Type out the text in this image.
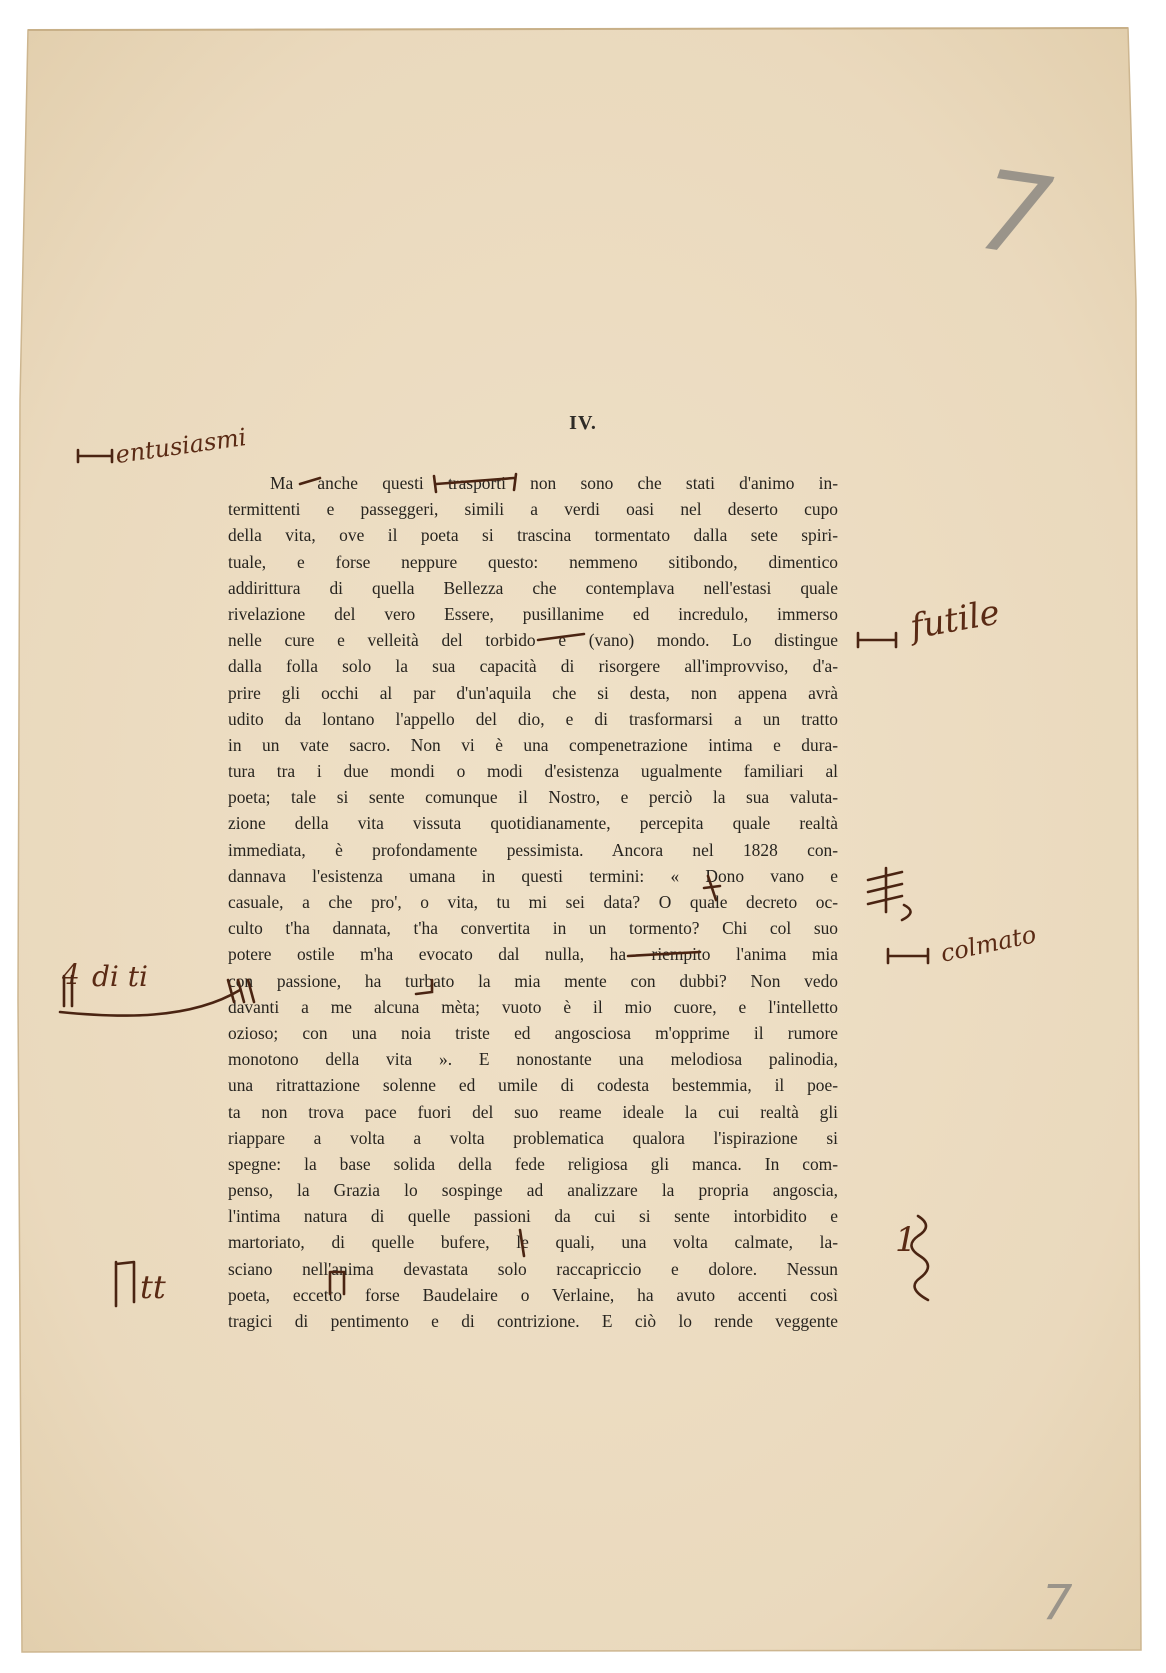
IV.
Ma anche questi trasporti non sono che stati d'animo in-
termittenti e passeggeri, simili a verdi oasi nel deserto cupo
della vita, ove il poeta si trascina tormentato dalla sete spiri-
tuale, e forse neppure questo: nemmeno sitibondo, dimentico
addirittura di quella Bellezza che contemplava nell'estasi quale
rivelazione del vero Essere, pusillanime ed incredulo, immerso
nelle cure e velleità del torbido e (vano) mondo. Lo distingue
dalla folla solo la sua capacità di risorgere all'improvviso, d'a-
prire gli occhi al par d'un'aquila che si desta, non appena avrà
udito da lontano l'appello del dio, e di trasformarsi a un tratto
in un vate sacro. Non vi è una compenetrazione intima e dura-
tura tra i due mondi o modi d'esistenza ugualmente familiari al
poeta; tale si sente comunque il Nostro, e perciò la sua valuta-
zione della vita vissuta quotidianamente, percepita quale realtà
immediata, è profondamente pessimista. Ancora nel 1828 con-
dannava l'esistenza umana in questi termini: « Dono vano e
casuale, a che pro', o vita, tu mi sei data? O quale decreto oc-
culto t'ha dannata, t'ha convertita in un tormento? Chi col suo
potere ostile m'ha evocato dal nulla, ha riempito l'anima mia
con passione, ha turbato la mia mente con dubbi? Non vedo
davanti a me alcuna mèta; vuoto è il mio cuore, e l'intelletto
ozioso; con una noia triste ed angosciosa m'opprime il rumore
monotono della vita ». E nonostante una melodiosa palinodia,
una ritrattazione solenne ed umile di codesta bestemmia, il poe-
ta non trova pace fuori del suo reame ideale la cui realtà gli
riappare a volta a volta problematica qualora l'ispirazione si
spegne: la base solida della fede religiosa gli manca. In com-
penso, la Grazia lo sospinge ad analizzare la propria angoscia,
l'intima natura di quelle passioni da cui si sente intorbidito e
martoriato, di quelle bufere, le quali, una volta calmate, la-
sciano nell'anima devastata solo raccapriccio e dolore. Nessun
poeta, eccetto forse Baudelaire o Verlaine, ha avuto accenti così
tragici di pentimento e di contrizione. E ciò lo rende veggente
entusiasmi
futile
colmato
4 di ti
tt
1
7
7
